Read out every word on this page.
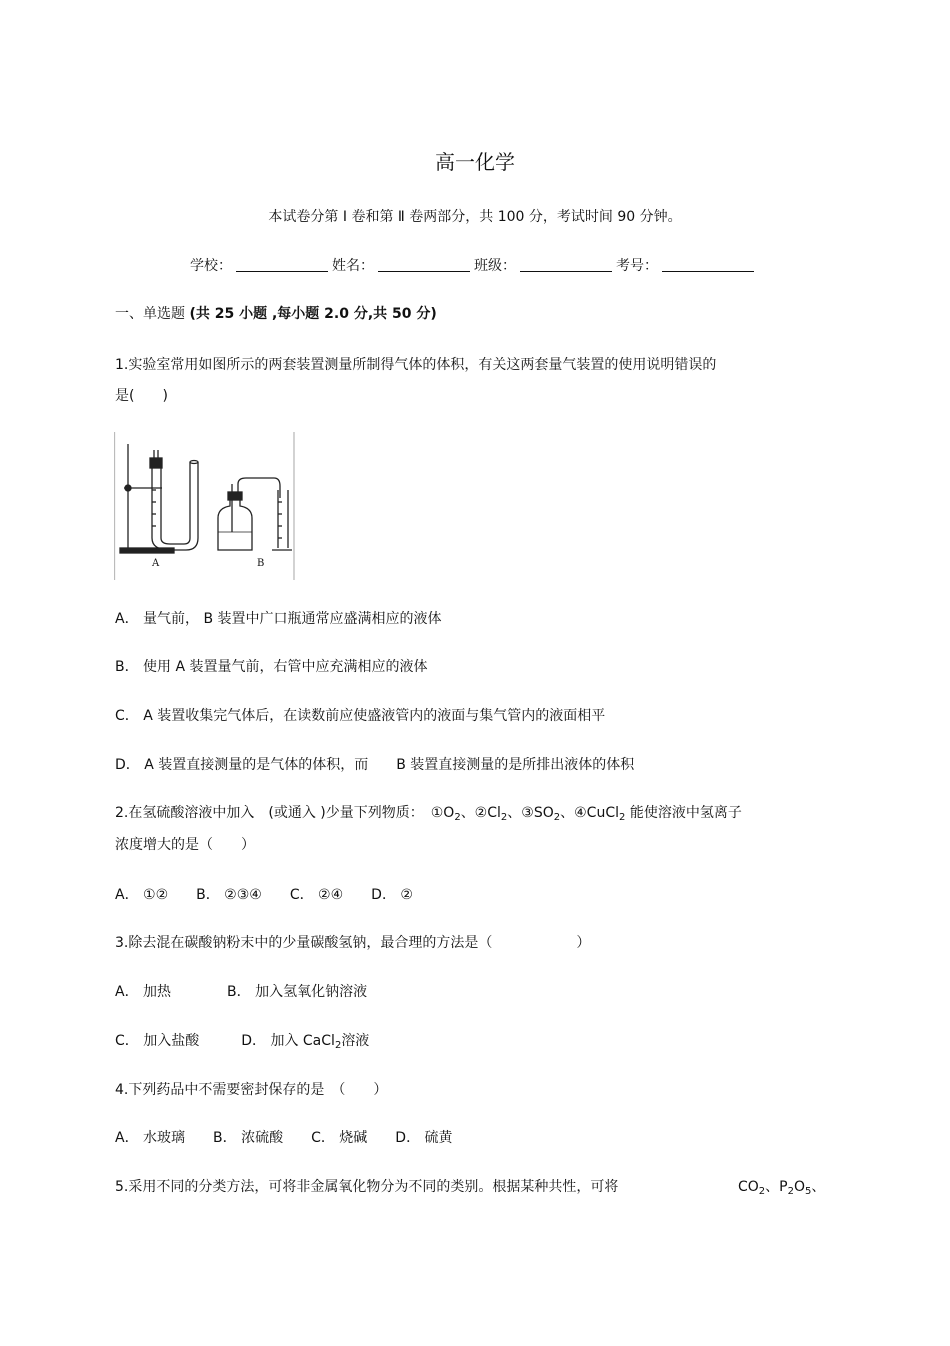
高一化学
本试卷分第 Ⅰ 卷和第 Ⅱ 卷两部分，共 100 分，考试时间 90 分钟。
学校：	姓名：	班级：	考号：
一、单选题 (共 25 小题 ,每小题 2.0 分,共 50 分)
1.实验室常用如图所示的两套装置测量所制得气体的体积，有关这两套量气装置的使用说明错误的
是(　　)
A	B
A． 量气前， B 装置中广口瓶通常应盛满相应的液体
B． 使用 A 装置量气前，右管中应充满相应的液体
C． A 装置收集完气体后，在读数前应使盛液管内的液面与集气管内的液面相平
D． A 装置直接测量的是气体的体积，而　　B 装置直接测量的是所排出液体的体积
2.在氢硫酸溶液中加入　(或通入 )少量下列物质：　$①O_2$、$②Cl_2$、$③SO_2$、④CuCl$_2$ 能使溶液中氢离子
浓度增大的是（　　）
A． ①②　　B． ②③④　　C． ②④　　D． ②
3.除去混在碳酸钠粉末中的少量碳酸氢钠，最合理的方法是（　　　　　　）
A． 加热　　　　B． 加入氢氧化钠溶液
C． 加入盐酸　　　D． 加入 CaCl$_2$溶液
4.下列药品中不需要密封保存的是　（　　）
A． 水玻璃　　B． 浓硫酸　　C． 烧碱　　D． 硫黄
5.采用不同的分类方法，可将非金属氧化物分为不同的类别。根据某种共性，可将	$CO_2$、$P_2O_5$、
